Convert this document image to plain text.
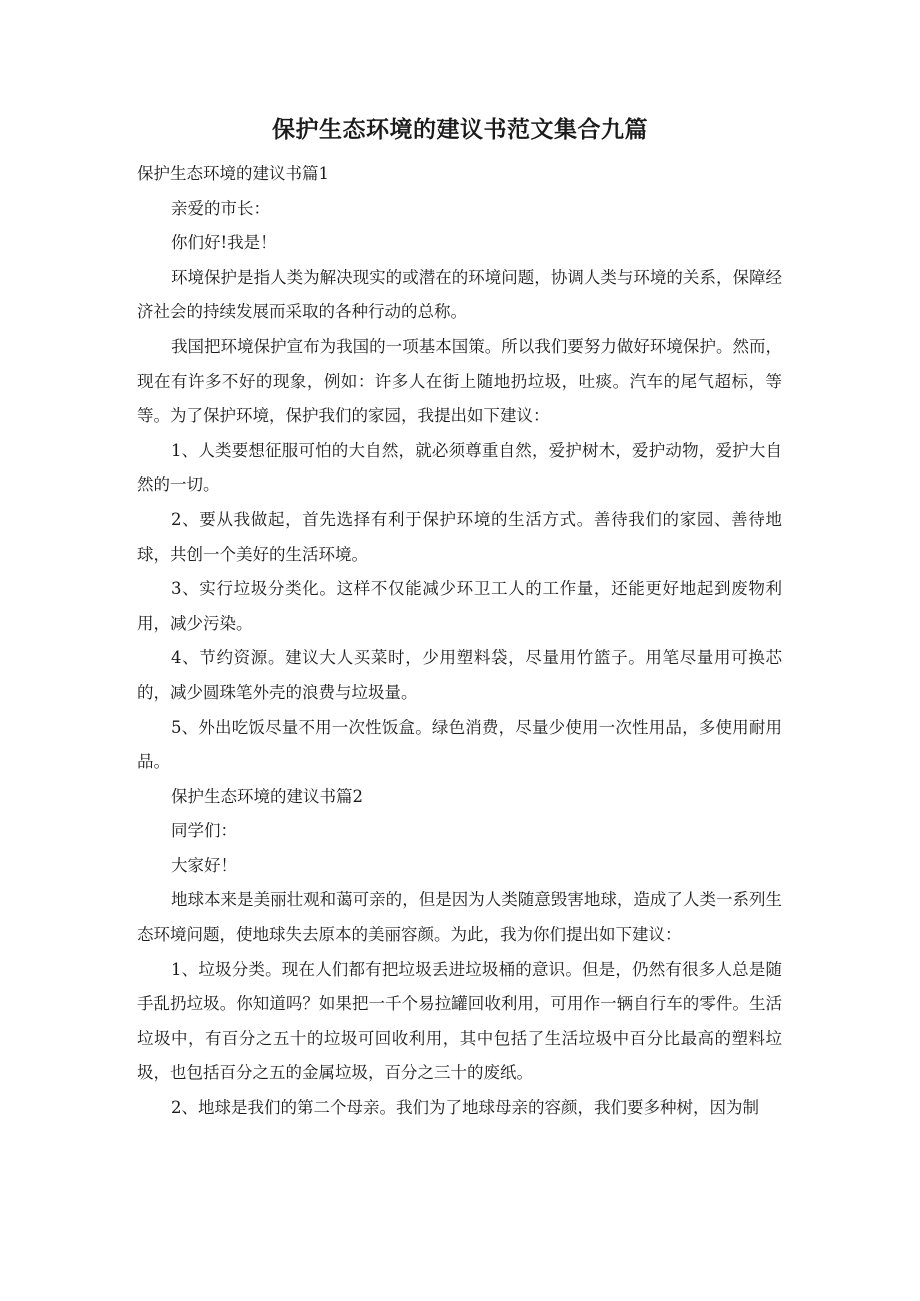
保护生态环境的建议书范文集合九篇

保护生态环境的建议书篇1

亲爱的市长：

你们好!我是！

环境保护是指人类为解决现实的或潜在的环境问题，协调人类与环境的关系，保障经济社会的持续发展而采取的各种行动的总称。

我国把环境保护宣布为我国的一项基本国策。所以我们要努力做好环境保护。然而，现在有许多不好的现象，例如：许多人在街上随地扔垃圾，吐痰。汽车的尾气超标，等等。为了保护环境，保护我们的家园，我提出如下建议：

1、人类要想征服可怕的大自然，就必须尊重自然，爱护树木，爱护动物，爱护大自然的一切。

2、要从我做起，首先选择有利于保护环境的生活方式。善待我们的家园、善待地球，共创一个美好的生活环境。

3、实行垃圾分类化。这样不仅能减少环卫工人的工作量，还能更好地起到废物利用，减少污染。

4、节约资源。建议大人买菜时，少用塑料袋，尽量用竹篮子。用笔尽量用可换芯的，减少圆珠笔外壳的浪费与垃圾量。

5、外出吃饭尽量不用一次性饭盒。绿色消费，尽量少使用一次性用品，多使用耐用品。

保护生态环境的建议书篇2

同学们：

大家好！

地球本来是美丽壮观和蔼可亲的，但是因为人类随意毁害地球，造成了人类一系列生态环境问题，使地球失去原本的美丽容颜。为此，我为你们提出如下建议：

1、垃圾分类。现在人们都有把垃圾丢进垃圾桶的意识。但是，仍然有很多人总是随手乱扔垃圾。你知道吗？如果把一千个易拉罐回收利用，可用作一辆自行车的零件。生活垃圾中，有百分之五十的垃圾可回收利用，其中包括了生活垃圾中百分比最高的塑料垃圾，也包括百分之五的金属垃圾，百分之三十的废纸。

2、地球是我们的第二个母亲。我们为了地球母亲的容颜，我们要多种树，因为制
